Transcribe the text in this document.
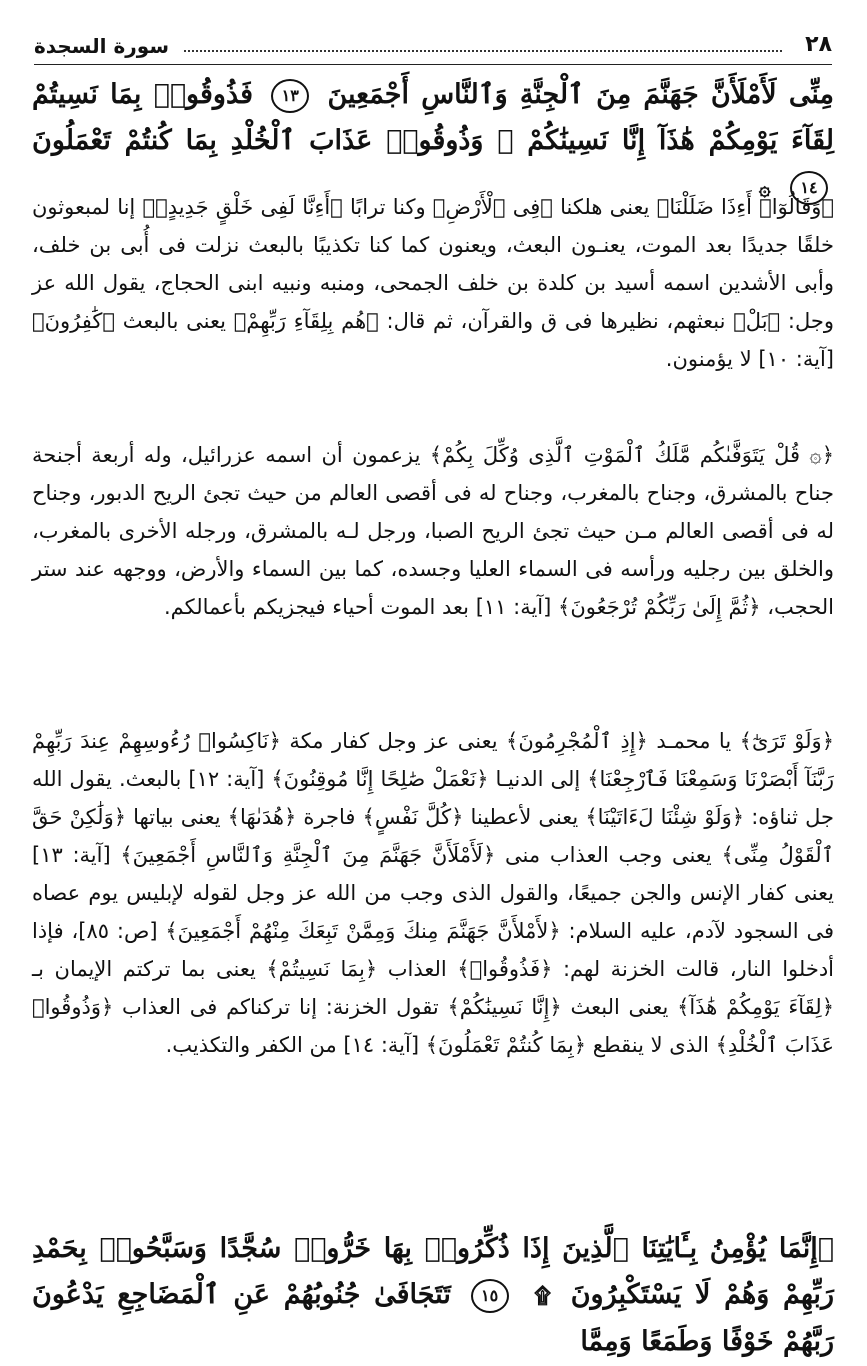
٢٨
سورة السجدة
مِنِّى لَأَمْلَأَنَّ جَهَنَّمَ مِنَ ٱلْجِنَّةِ وَٱلنَّاسِ أَجْمَعِينَ ١٣ فَذُوقُوا۟ بِمَا نَسِيتُمْ لِقَآءَ يَوْمِكُمْ هَٰذَآ إِنَّا نَسِينَٰكُمْ ۖ وَذُوقُوا۟ عَذَابَ ٱلْخُلْدِ بِمَا كُنتُمْ تَعْمَلُونَ ١٤ ۞
﴿وَقَالُوٓا۟ أَءِذَا ضَلَلْنَا﴾ يعنى هلكنا ﴿فِى ٱلْأَرْضِ﴾ وكنا ترابًا ﴿أَءِنَّا لَفِى خَلْقٍ جَدِيدٍۭ﴾ إنا لمبعوثون خلقًا جديدًا بعد الموت، يعنـون البعث، ويعنون كما كنا تكذيبًا بالبعث نزلت فى أُبى بن خلف، وأبى الأشدين اسمه أسيد بن كلدة بن خلف الجمحى، ومنبه ونبيه ابنى الحجاج، يقول الله عز وجل: ﴿بَلْ﴾ نبعثهم، نظيرها فى ق والقرآن، ثم قال: ﴿هُم بِلِقَآءِ رَبِّهِمْ﴾ يعنى بالبعث ﴿كَٰفِرُونَ﴾ [آية: ١٠] لا يؤمنون.
﴿۞ قُلْ يَتَوَفَّىٰكُم مَّلَكُ ٱلْمَوْتِ ٱلَّذِى وُكِّلَ بِكُمْ﴾ يزعمون أن اسمه عزرائيل، وله أربعة أجنحة جناح بالمشرق، وجناح بالمغرب، وجناح له فى أقصى العالم من حيث تجئ الريح الدبور، وجناح له فى أقصى العالم مـن حيث تجئ الريح الصبا، ورجل لـه بالمشرق، ورجله الأخرى بالمغرب، والخلق بين رجليه ورأسه فى السماء العليا وجسده، كما بين السماء والأرض، ووجهه عند ستر الحجب، ﴿ثُمَّ إِلَىٰ رَبِّكُمْ تُرْجَعُونَ﴾ [آية: ١١] بعد الموت أحياء فيجزيكم بأعمالكم.
﴿وَلَوْ تَرَىٰٓ﴾ يا محمـد ﴿إِذِ ٱلْمُجْرِمُونَ﴾ يعنى عز وجل كفار مكة ﴿نَاكِسُوا۟ رُءُوسِهِمْ عِندَ رَبِّهِمْ رَبَّنَآ أَبْصَرْنَا وَسَمِعْنَا فَٱرْجِعْنَا﴾ إلى الدنيـا ﴿نَعْمَلْ صَٰلِحًا إِنَّا مُوقِنُونَ﴾ [آية: ١٢] بالبعث. يقول الله جل ثناؤه: ﴿وَلَوْ شِئْنَا لَءَاتَيْنَا﴾ يعنى لأعطينا ﴿كُلَّ نَفْسٍ﴾ فاجرة ﴿هُدَىٰهَا﴾ يعنى بياتها ﴿وَلَٰكِنْ حَقَّ ٱلْقَوْلُ مِنِّى﴾ يعنى وجب العذاب منى ﴿لَأَمْلَأَنَّ جَهَنَّمَ مِنَ ٱلْجِنَّةِ وَٱلنَّاسِ أَجْمَعِينَ﴾ [آية: ١٣] يعنى كفار الإنس والجن جميعًا، والقول الذى وجب من الله عز وجل لقوله لإبليس يوم عصاه فى السجود لآدم، عليه السلام: ﴿لأَمْلأَنَّ جَهَنَّمَ مِنكَ وَمِمَّنْ تَبِعَكَ مِنْهُمْ أَجْمَعِينَ﴾ [ص: ٨٥]، فإذا أدخلوا النار، قالت الخزنة لهم: ﴿فَذُوقُوا۟﴾ العذاب ﴿بِمَا نَسِيتُمْ﴾ يعنى بما تركتم الإيمان بـ ﴿لِقَآءَ يَوْمِكُمْ هَٰذَآ﴾ يعنى البعث ﴿إِنَّا نَسِينَٰكُمْ﴾ تقول الخزنة: إنا تركناكم فى العذاب ﴿وَذُوقُوا۟ عَذَابَ ٱلْخُلْدِ﴾ الذى لا ينقطع ﴿بِمَا كُنتُمْ تَعْمَلُونَ﴾ [آية: ١٤] من الكفر والتكذيب.
﴿إِنَّمَا يُؤْمِنُ بِـَٔايَٰتِنَا ٱلَّذِينَ إِذَا ذُكِّرُوا۟ بِهَا خَرُّوا۟ سُجَّدًا وَسَبَّحُوا۟ بِحَمْدِ رَبِّهِمْ وَهُمْ لَا يَسْتَكْبِرُونَ ۩ ١٥ تَتَجَافَىٰ جُنُوبُهُمْ عَنِ ٱلْمَضَاجِعِ يَدْعُونَ رَبَّهُمْ خَوْفًا وَطَمَعًا وَمِمَّا
